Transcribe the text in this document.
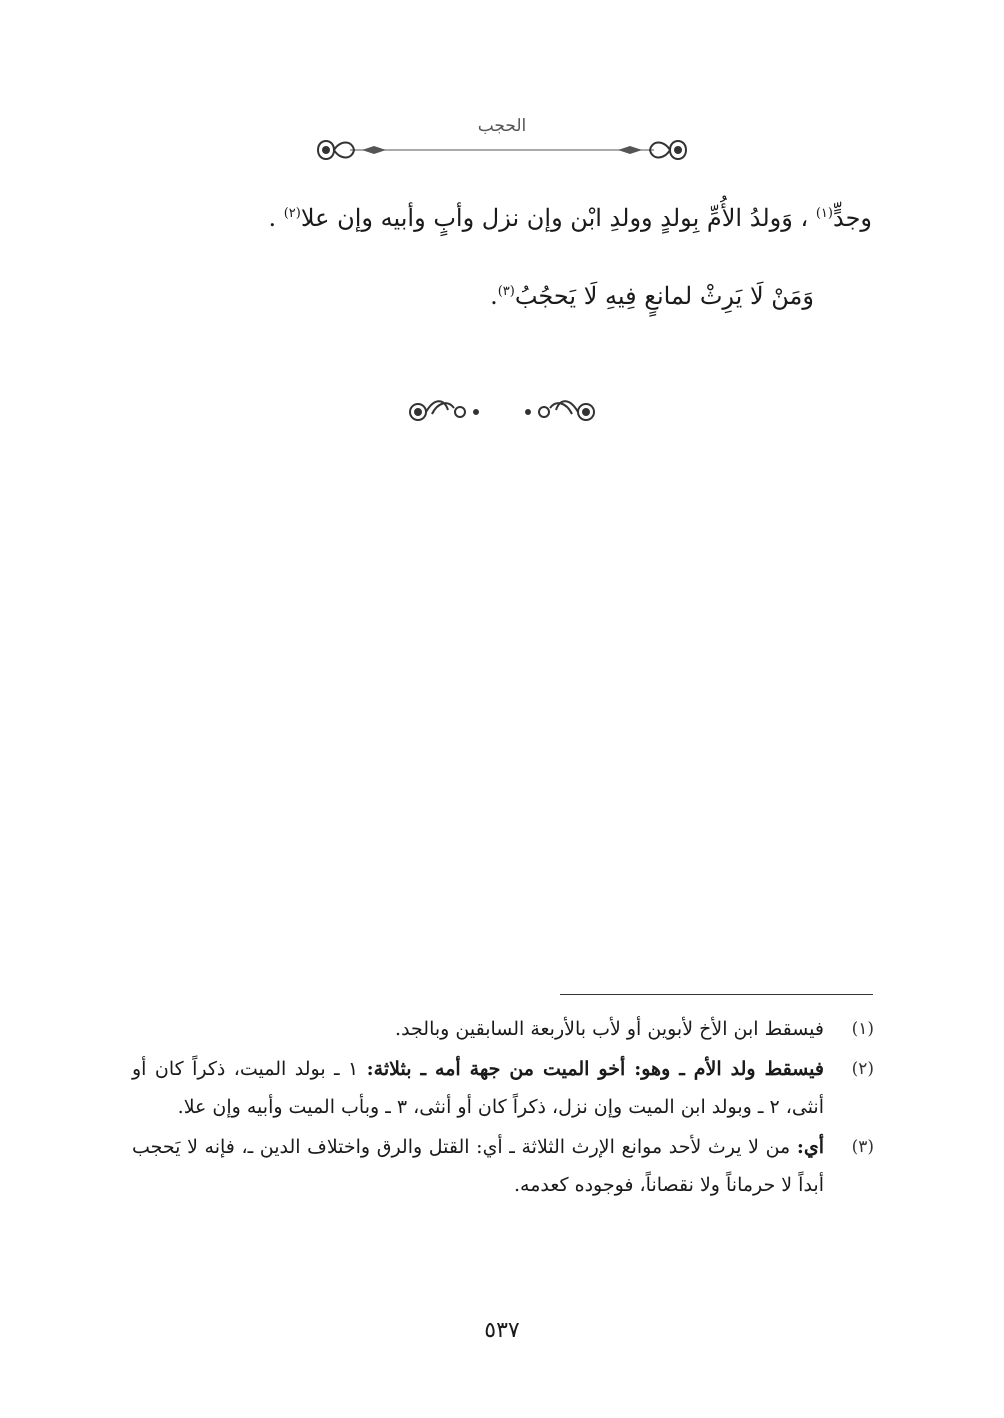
الحجب
وجدٍّ$^{(١)}$ ، وَولدُ الأُمِّ بِولدٍ وولدِ ابْن وإن نزل وأبٍ وأبيه وإن علا$^{(٢)}$ .
وَمَنْ لَا يَرِثْ لمانعٍ فِيهِ لَا يَحجُبُ$^{(٣)}$.
(١)
فيسقط ابن الأخ لأبوين أو لأب بالأربعة السابقين وبالجد.
(٢)
فيسقط ولد الأم ـ وهو: أخو الميت من جهة أمه ـ بثلاثة: ١ ـ بولد الميت، ذكراً كان أو أنثى، ٢ ـ وبولد ابن الميت وإن نزل، ذكراً كان أو أنثى، ٣ ـ وبأب الميت وأبيه وإن علا.
(٣)
أي: من لا يرث لأحد موانع الإرث الثلاثة ـ أي: القتل والرق واختلاف الدين ـ، فإنه لا يَحجب أبداً لا حرماناً ولا نقصاناً، فوجوده كعدمه.
٥٣٧
